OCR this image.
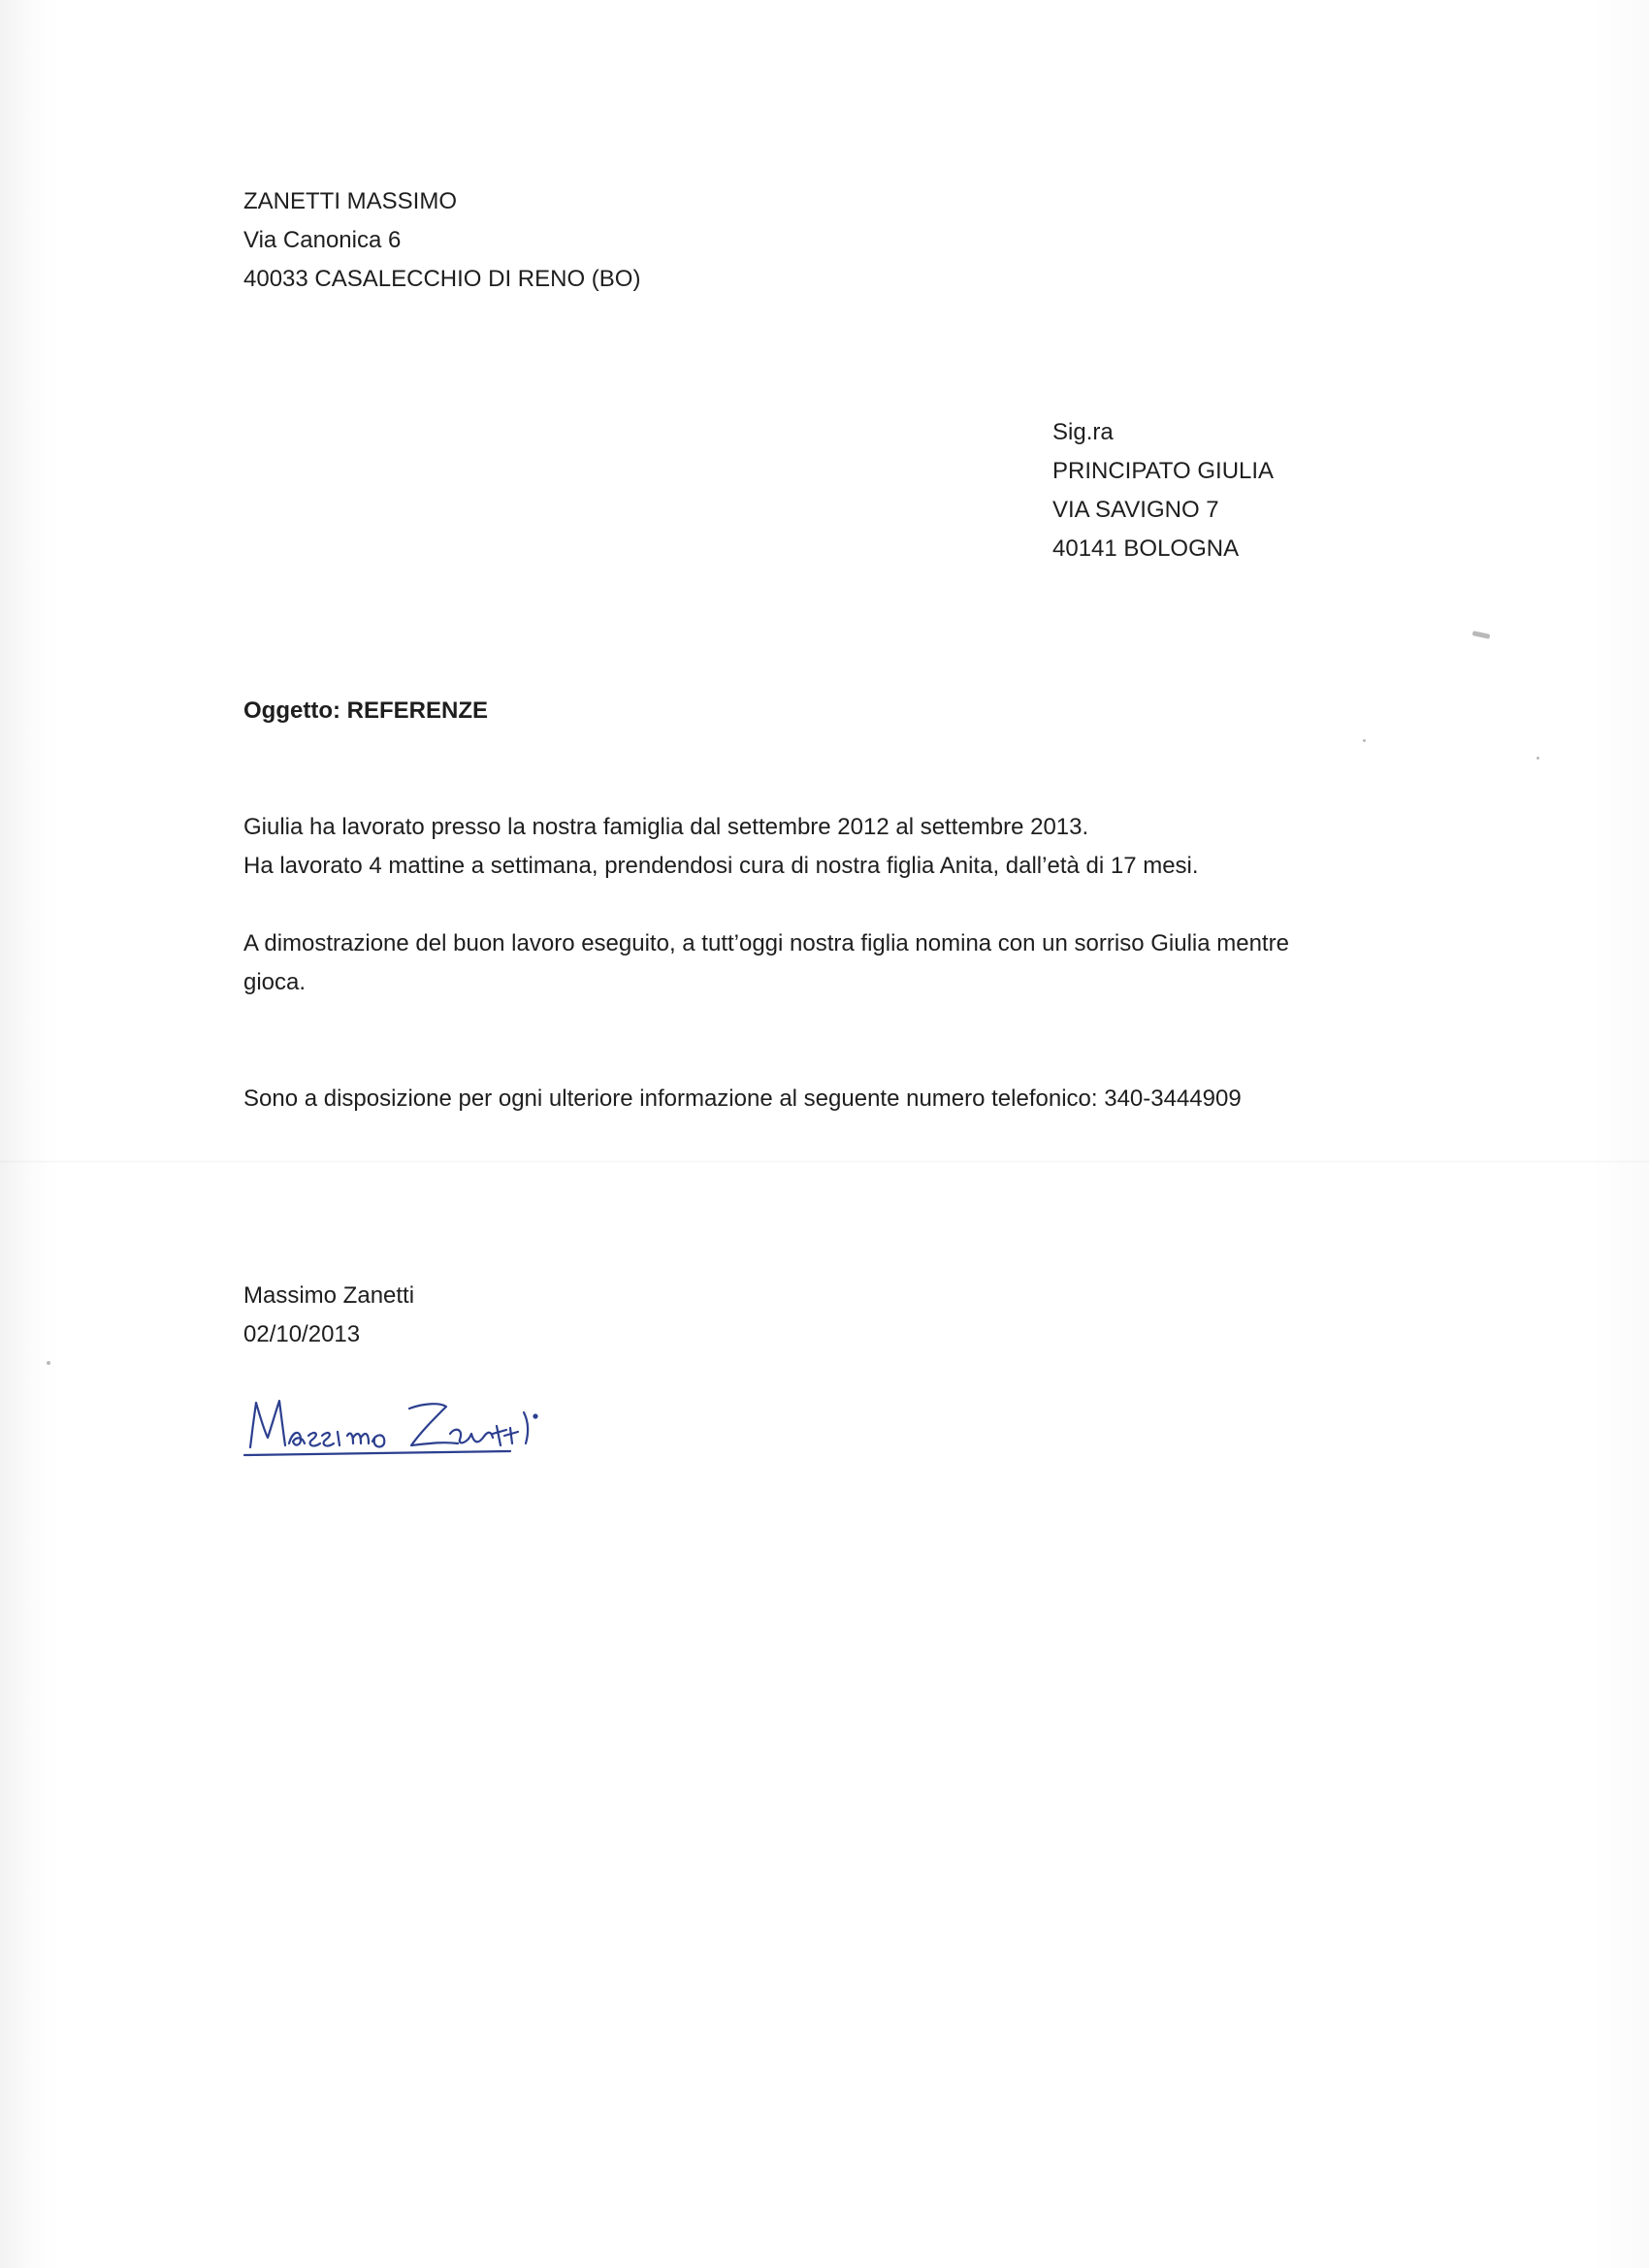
ZANETTI MASSIMO
Via Canonica 6
40033 CASALECCHIO DI RENO (BO)
Sig.ra
PRINCIPATO GIULIA
VIA SAVIGNO 7
40141 BOLOGNA
Oggetto: REFERENZE
Giulia ha lavorato presso la nostra famiglia dal settembre 2012 al settembre 2013.
Ha lavorato 4 mattine a settimana, prendendosi cura di nostra figlia Anita, dall’età di 17 mesi.
A dimostrazione del buon lavoro eseguito, a tutt’oggi nostra figlia nomina con un sorriso Giulia mentre
gioca.
Sono a disposizione per ogni ulteriore informazione al seguente numero telefonico: 340-3444909
Massimo Zanetti
02/10/2013
